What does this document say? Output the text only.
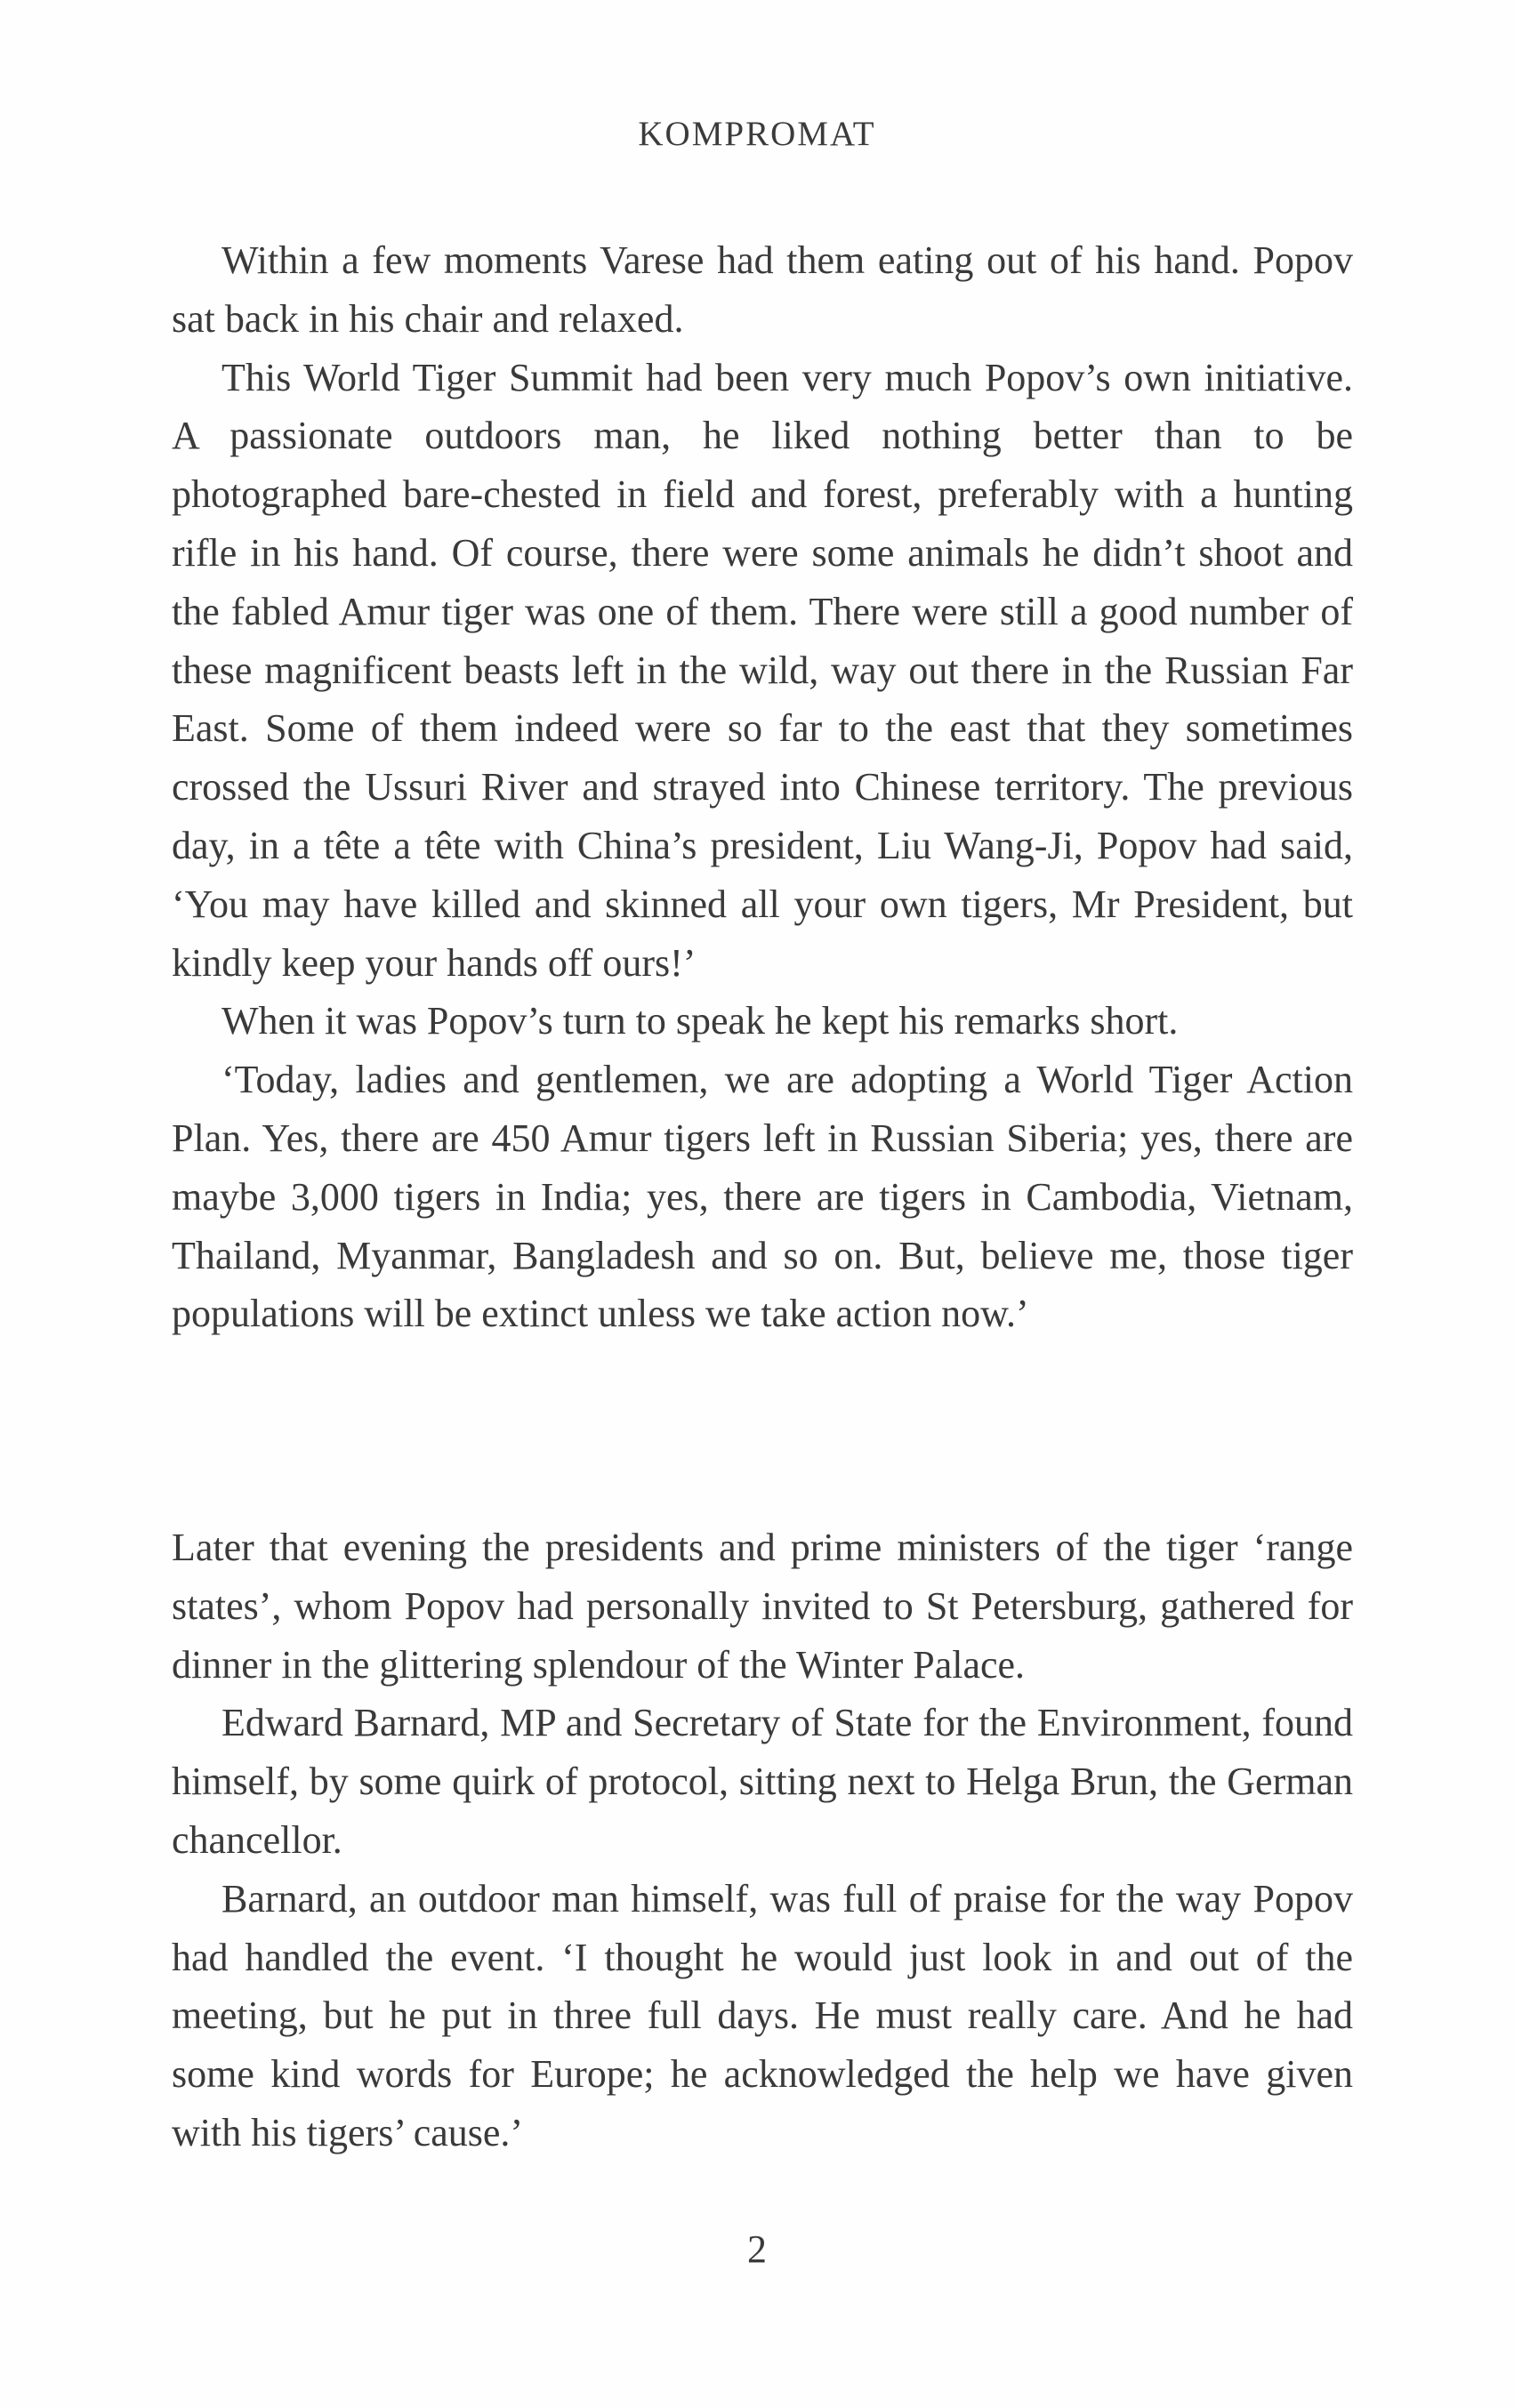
KOMPROMAT

Within a few moments Varese had them eating out of his hand. Popov sat back in his chair and relaxed.

This World Tiger Summit had been very much Popov’s own initiative. A passionate outdoors man, he liked nothing better than to be photographed bare-chested in field and forest, preferably with a hunting rifle in his hand. Of course, there were some animals he didn’t shoot and the fabled Amur tiger was one of them. There were still a good number of these magnificent beasts left in the wild, way out there in the Russian Far East. Some of them indeed were so far to the east that they sometimes crossed the Ussuri River and strayed into Chinese territory. The previous day, in a tête a tête with China’s president, Liu Wang-Ji, Popov had said, ‘You may have killed and skinned all your own tigers, Mr President, but kindly keep your hands off ours!’

When it was Popov’s turn to speak he kept his remarks short.

‘Today, ladies and gentlemen, we are adopting a World Tiger Action Plan. Yes, there are 450 Amur tigers left in Russian Siberia; yes, there are maybe 3,000 tigers in India; yes, there are tigers in Cambodia, Vietnam, Thailand, Myanmar, Bangladesh and so on. But, believe me, those tiger populations will be extinct unless we take action now.’

Later that evening the presidents and prime ministers of the tiger ‘range states’, whom Popov had personally invited to St Petersburg, gathered for dinner in the glittering splendour of the Winter Palace.

Edward Barnard, MP and Secretary of State for the Environment, found himself, by some quirk of protocol, sitting next to Helga Brun, the German chancellor.

Barnard, an outdoor man himself, was full of praise for the way Popov had handled the event. ‘I thought he would just look in and out of the meeting, but he put in three full days. He must really care. And he had some kind words for Europe; he acknowledged the help we have given with his tigers’ cause.’

2
